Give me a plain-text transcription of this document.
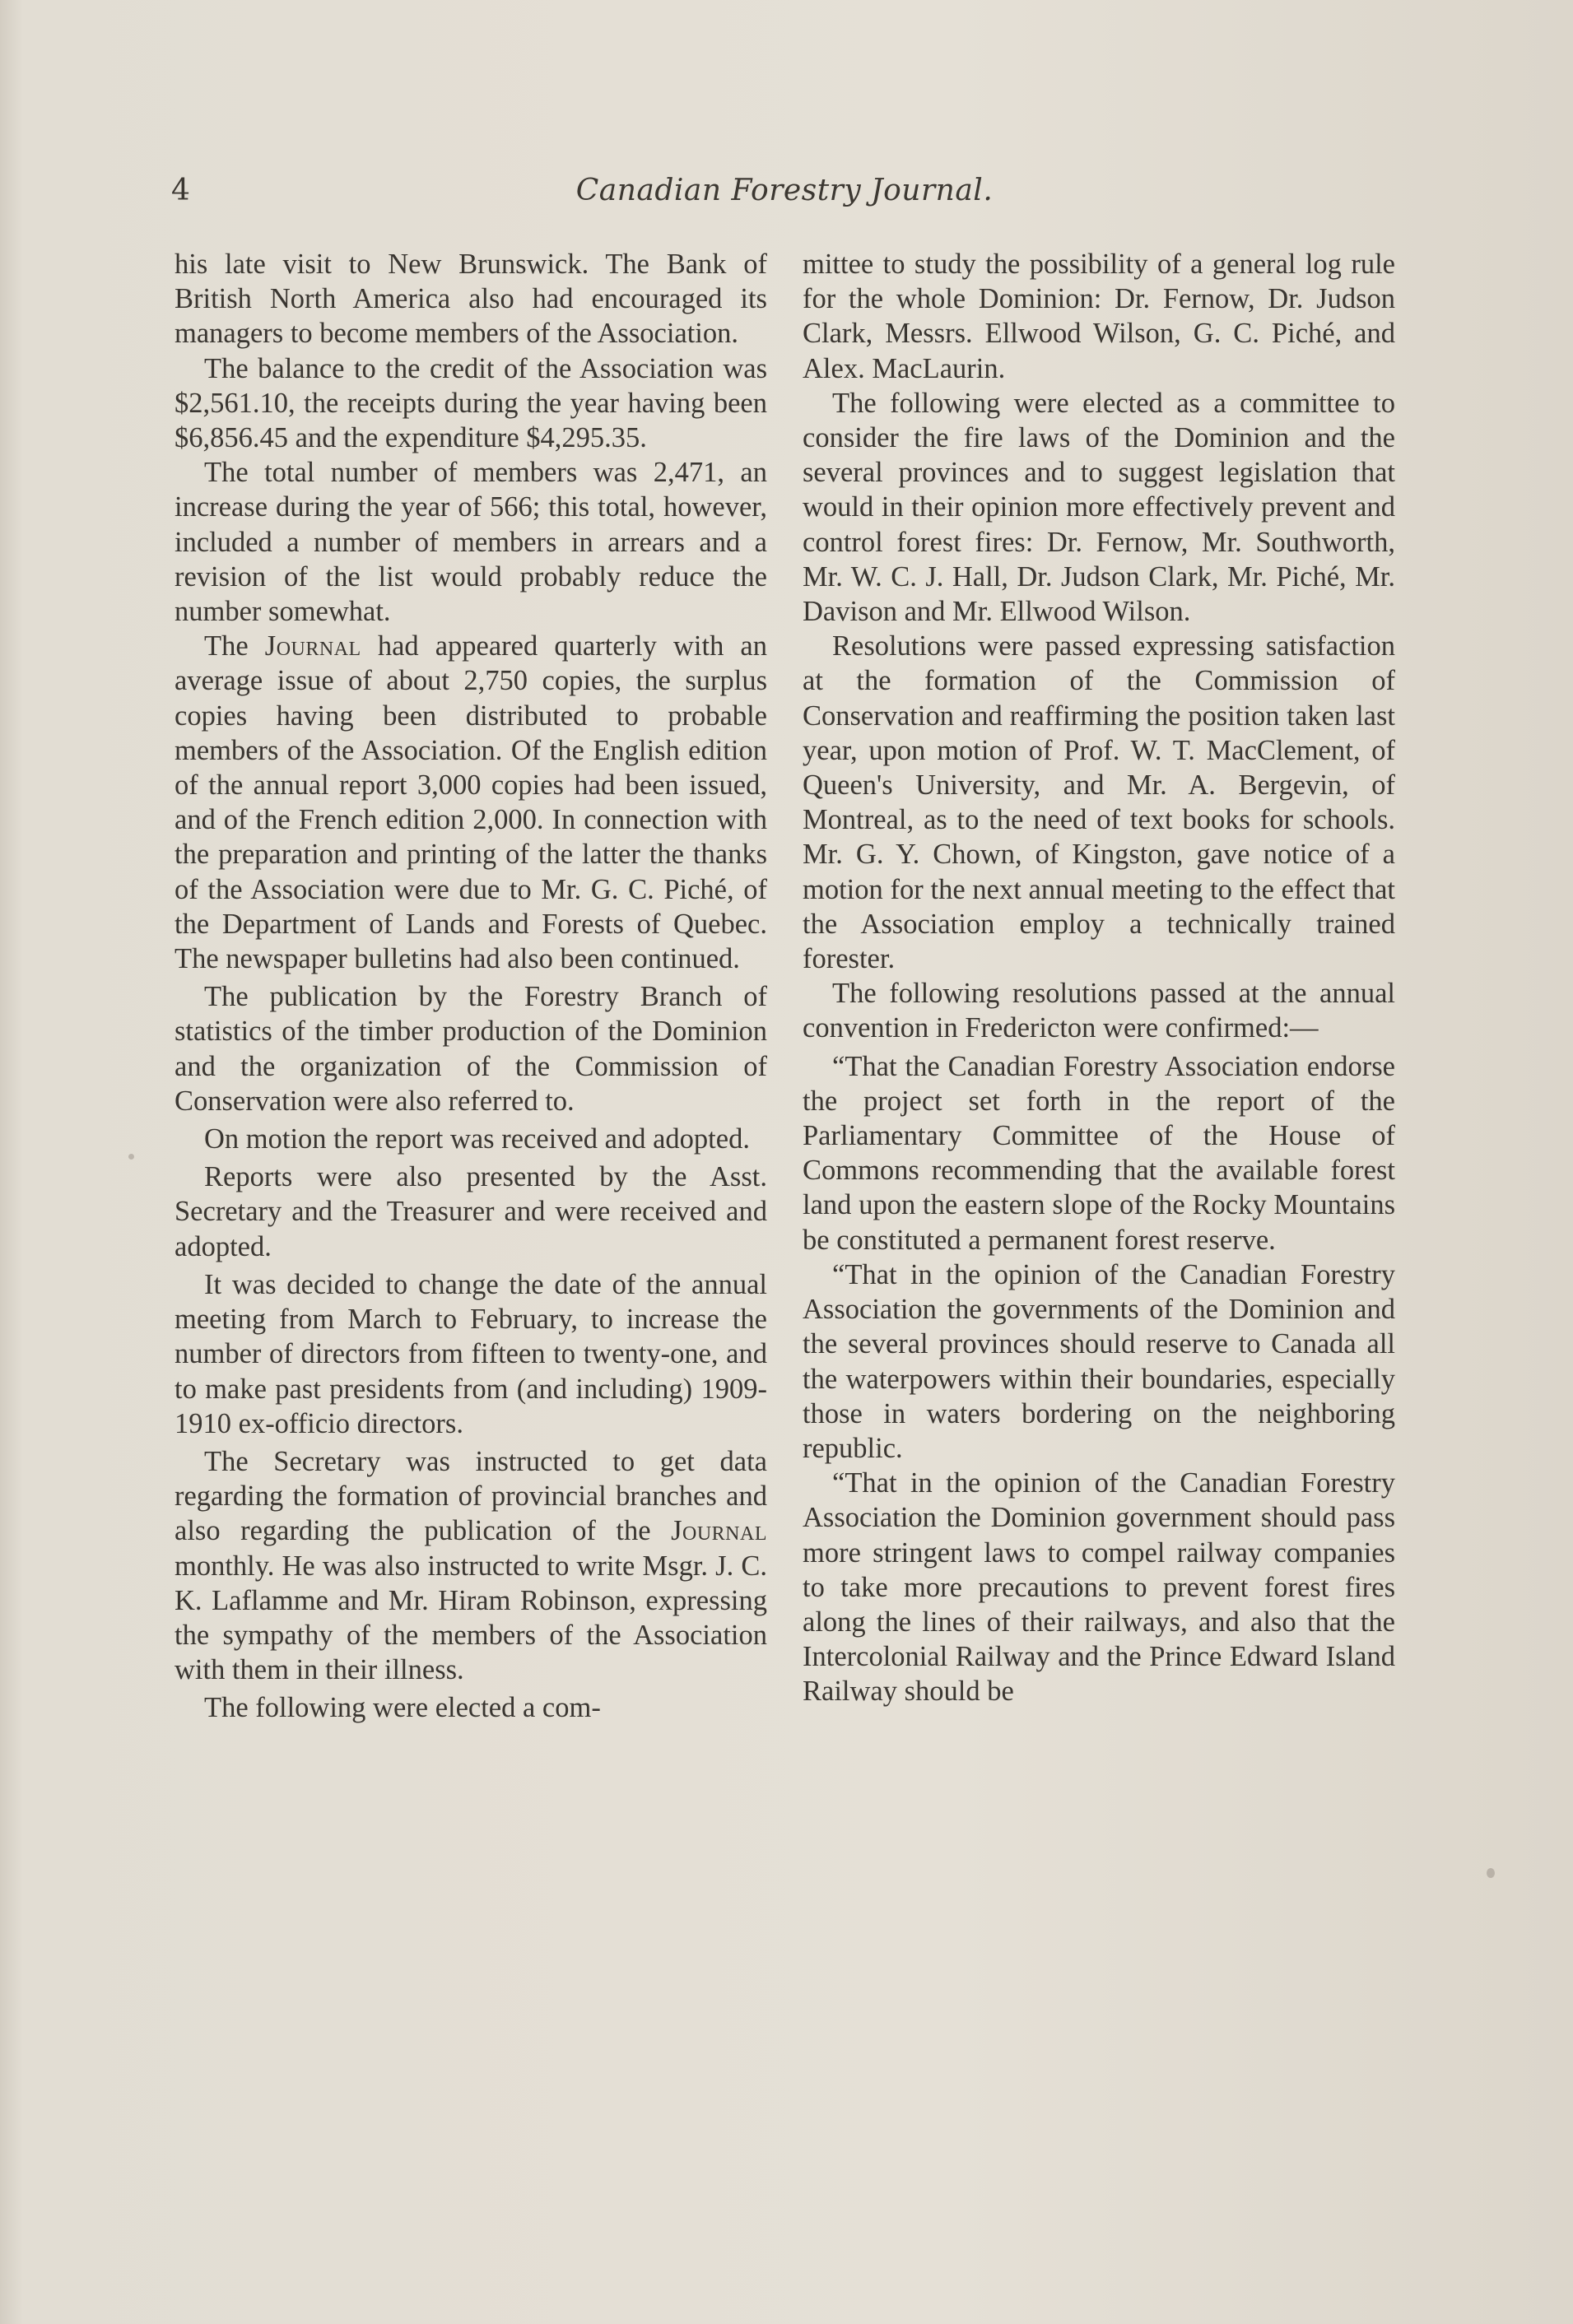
4	Canadian Forestry Journal.

his late visit to New Brunswick. The Bank of British North America also had encouraged its managers to become members of the Association.

The balance to the credit of the Association was $2,561.10, the receipts during the year having been $6,856.45 and the expenditure $4,295.35.

The total number of members was 2,471, an increase during the year of 566; this total, however, included a number of members in arrears and a revision of the list would probably reduce the number somewhat.

The Journal had appeared quarterly with an average issue of about 2,750 copies, the surplus copies having been distributed to probable members of the Association. Of the English edition of the annual report 3,000 copies had been issued, and of the French edition 2,000. In connection with the preparation and printing of the latter the thanks of the Association were due to Mr. G. C. Piché, of the Department of Lands and Forests of Quebec. The newspaper bulletins had also been continued.

The publication by the Forestry Branch of statistics of the timber production of the Dominion and the organization of the Commission of Conservation were also referred to.

On motion the report was received and adopted.

Reports were also presented by the Asst. Secretary and the Treasurer and were received and adopted.

It was decided to change the date of the annual meeting from March to February, to increase the number of directors from fifteen to twenty-one, and to make past presidents from (and including) 1909-1910 ex-officio directors.

The Secretary was instructed to get data regarding the formation of provincial branches and also regarding the publication of the Journal monthly. He was also instructed to write Msgr. J. C. K. Laflamme and Mr. Hiram Robinson, expressing the sympathy of the members of the Association with them in their illness.

The following were elected a com-

mittee to study the possibility of a general log rule for the whole Dominion: Dr. Fernow, Dr. Judson Clark, Messrs. Ellwood Wilson, G. C. Piché, and Alex. MacLaurin.

The following were elected as a committee to consider the fire laws of the Dominion and the several provinces and to suggest legislation that would in their opinion more effectively prevent and control forest fires: Dr. Fernow, Mr. Southworth, Mr. W. C. J. Hall, Dr. Judson Clark, Mr. Piché, Mr. Davison and Mr. Ellwood Wilson.

Resolutions were passed expressing satisfaction at the formation of the Commission of Conservation and reaffirming the position taken last year, upon motion of Prof. W. T. MacClement, of Queen's University, and Mr. A. Bergevin, of Montreal, as to the need of text books for schools. Mr. G. Y. Chown, of Kingston, gave notice of a motion for the next annual meeting to the effect that the Association employ a technically trained forester.

The following resolutions passed at the annual convention in Fredericton were confirmed:—

“That the Canadian Forestry Association endorse the project set forth in the report of the Parliamentary Committee of the House of Commons recommending that the available forest land upon the eastern slope of the Rocky Mountains be constituted a permanent forest reserve.

“That in the opinion of the Canadian Forestry Association the governments of the Dominion and the several provinces should reserve to Canada all the waterpowers within their boundaries, especially those in waters bordering on the neighboring republic.

“That in the opinion of the Canadian Forestry Association the Dominion government should pass more stringent laws to compel railway companies to take more precautions to prevent forest fires along the lines of their railways, and also that the Intercolonial Railway and the Prince Edward Island Railway should be
